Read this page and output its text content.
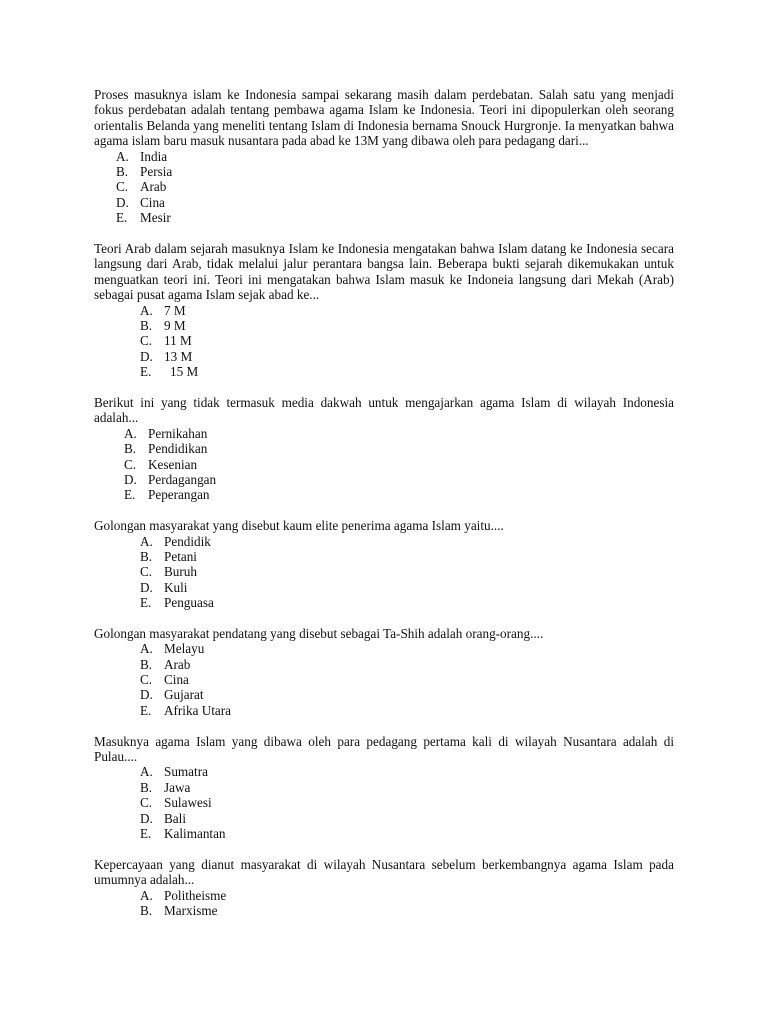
Proses masuknya islam ke Indonesia sampai sekarang masih dalam perdebatan. Salah satu yang menjadi fokus perdebatan adalah tentang pembawa agama Islam ke Indonesia. Teori ini dipopulerkan oleh seorang orientalis Belanda yang meneliti tentang Islam di Indonesia bernama Snouck Hurgronje. Ia menyatkan bahwa agama islam baru masuk nusantara pada abad ke 13M yang dibawa oleh para pedagang dari...

A. India
B. Persia
C. Arab
D. Cina
E. Mesir

Teori Arab dalam sejarah masuknya Islam ke Indonesia mengatakan bahwa Islam datang ke Indonesia secara langsung dari Arab, tidak melalui jalur perantara bangsa lain. Beberapa bukti sejarah dikemukakan untuk menguatkan teori ini. Teori ini mengatakan bahwa Islam masuk ke Indoneia langsung dari Mekah (Arab) sebagai pusat agama Islam sejak abad ke...

A. 7 M
B. 9 M
C. 11 M
D. 13 M
E.	15 M

Berikut ini yang tidak termasuk media dakwah untuk mengajarkan agama Islam di wilayah Indonesia adalah...

A. Pernikahan
B. Pendidikan
C. Kesenian
D. Perdagangan
E. Peperangan

Golongan masyarakat yang disebut kaum elite penerima agama Islam yaitu....

A. Pendidik
B. Petani
C. Buruh
D. Kuli
E. Penguasa

Golongan masyarakat pendatang yang disebut sebagai Ta-Shih adalah orang-orang....

A. Melayu
B. Arab
C. Cina
D. Gujarat
E. Afrika Utara

Masuknya agama Islam yang dibawa oleh para pedagang pertama kali di wilayah Nusantara adalah di Pulau....

A. Sumatra
B. Jawa
C. Sulawesi
D. Bali
E. Kalimantan

Kepercayaan yang dianut masyarakat di wilayah Nusantara sebelum berkembangnya agama Islam pada umumnya adalah...

A. Politheisme
B. Marxisme
